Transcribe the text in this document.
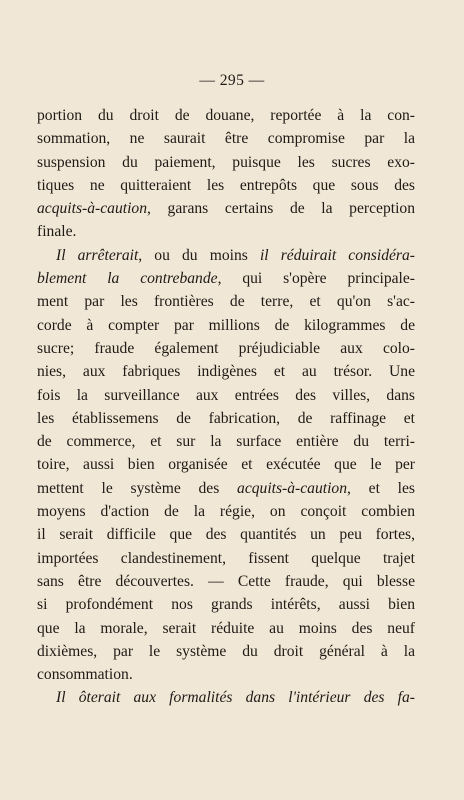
— 295 —
portion du droit de douane, reportée à la con-
sommation, ne saurait être compromise par la
suspension du paiement, puisque les sucres exo-
tiques ne quitteraient les entrepôts que sous des
acquits-à-caution, garans certains de la perception
finale.
Il arrêterait, ou du moins il réduirait considéra-
blement la contrebande, qui s'opère principale-
ment par les frontières de terre, et qu'on s'ac-
corde à compter par millions de kilogrammes de
sucre; fraude également préjudiciable aux colo-
nies, aux fabriques indigènes et au trésor. Une
fois la surveillance aux entrées des villes, dans
les établissemens de fabrication, de raffinage et
de commerce, et sur la surface entière du terri-
toire, aussi bien organisée et exécutée que le per
mettent le système des acquits-à-caution, et les
moyens d'action de la régie, on conçoit combien
il serait difficile que des quantités un peu fortes,
importées clandestinement, fissent quelque trajet
sans être découvertes. — Cette fraude, qui blesse
si profondément nos grands intérêts, aussi bien
que la morale, serait réduite au moins des neuf
dixièmes, par le système du droit général à la
consommation.
Il ôterait aux formalités dans l'intérieur des fa-
